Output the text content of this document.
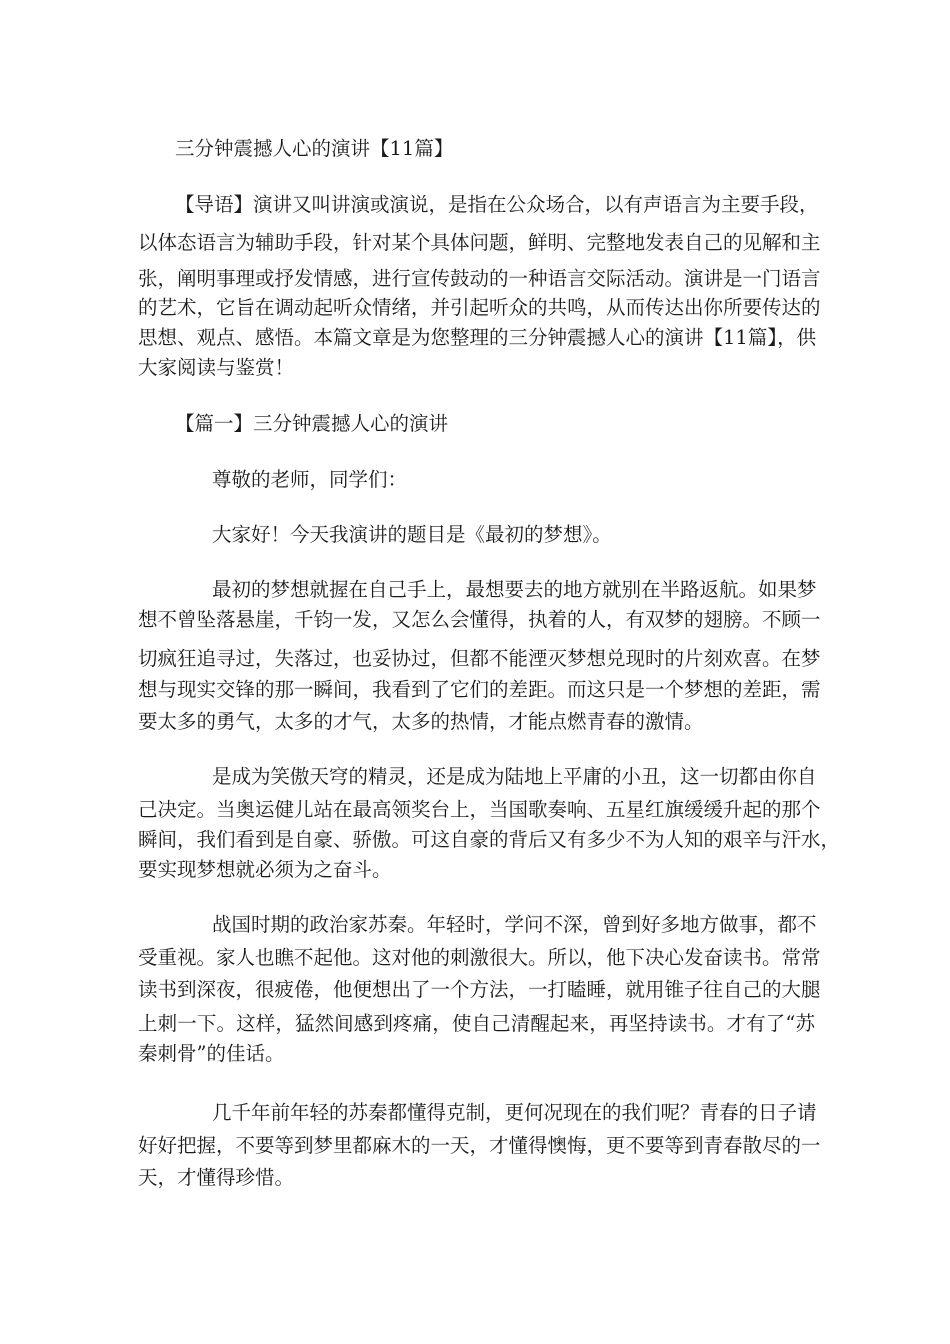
三分钟震撼人心的演讲【11篇】

【导语】演讲又叫讲演或演说，是指在公众场合，以有声语言为主要手段，

以体态语言为辅助手段，针对某个具体问题，鲜明、完整地发表自己的见解和主

张，阐明事理或抒发情感，进行宣传鼓动的一种语言交际活动。演讲是一门语言

的艺术，它旨在调动起听众情绪，并引起听众的共鸣，从而传达出你所要传达的

思想、观点、感悟。本篇文章是为您整理的三分钟震撼人心的演讲【11篇】，供

大家阅读与鉴赏！

【篇一】三分钟震撼人心的演讲

尊敬的老师，同学们：

大家好！今天我演讲的题目是《最初的梦想》。

最初的梦想就握在自己手上，最想要去的地方就别在半路返航。如果梦

想不曾坠落悬崖，千钧一发，又怎么会懂得，执着的人，有双梦的翅膀。不顾一

切疯狂追寻过，失落过，也妥协过，但都不能湮灭梦想兑现时的片刻欢喜。在梦

想与现实交锋的那一瞬间，我看到了它们的差距。而这只是一个梦想的差距，需

要太多的勇气，太多的才气，太多的热情，才能点燃青春的激情。

是成为笑傲天穹的精灵，还是成为陆地上平庸的小丑，这一切都由你自

己决定。当奥运健儿站在最高领奖台上，当国歌奏响、五星红旗缓缓升起的那个

瞬间，我们看到是自豪、骄傲。可这自豪的背后又有多少不为人知的艰辛与汗水，

要实现梦想就必须为之奋斗。

战国时期的政治家苏秦。年轻时，学问不深，曾到好多地方做事，都不

受重视。家人也瞧不起他。这对他的刺激很大。所以，他下决心发奋读书。常常

读书到深夜，很疲倦，他便想出了一个方法，一打瞌睡，就用锥子往自己的大腿

上刺一下。这样，猛然间感到疼痛，使自己清醒起来，再坚持读书。才有了“苏

秦刺骨”的佳话。

几千年前年轻的苏秦都懂得克制，更何况现在的我们呢？青春的日子请

好好把握，不要等到梦里都麻木的一天，才懂得懊悔，更不要等到青春散尽的一

天，才懂得珍惜。
